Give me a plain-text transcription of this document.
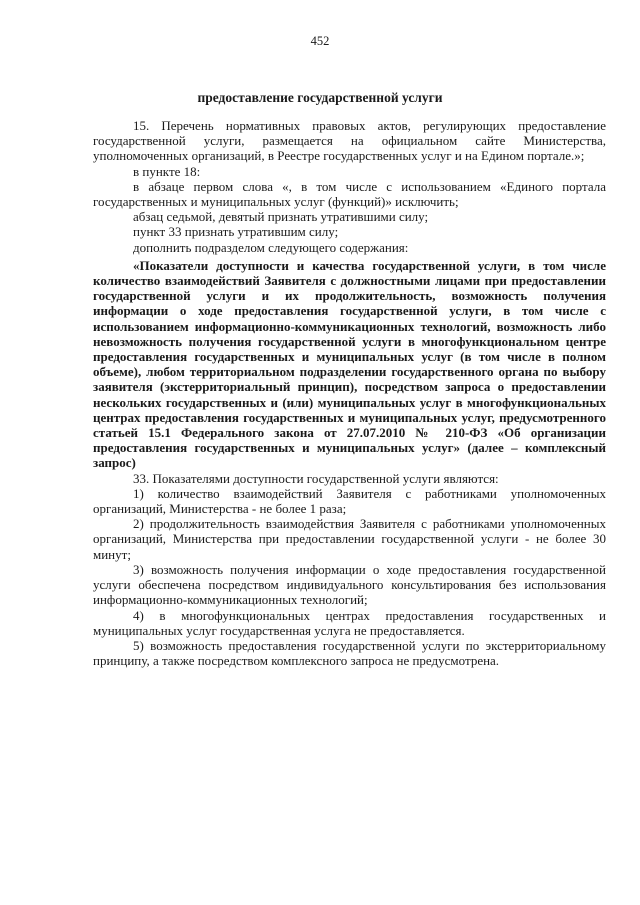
452
предоставление государственной услуги

15. Перечень нормативных правовых актов, регулирующих предоставление государственной услуги, размещается на официальном сайте Министерства, уполномоченных организаций, в Реестре государственных услуг и на Едином портале.»;

в пункте 18:

в абзаце первом слова «, в том числе с использованием «Единого портала государственных и муниципальных услуг (функций)» исключить;

абзац седьмой, девятый признать утратившими силу;

пункт 33 признать утратившим силу;

дополнить подразделом следующего содержания:

«Показатели доступности и качества государственной услуги, в том числе количество взаимодействий Заявителя с должностными лицами при предоставлении государственной услуги и их продолжительность, возможность получения информации о ходе предоставления государственной услуги, в том числе с использованием информационно-коммуникационных технологий, возможность либо невозможность получения государственной услуги в многофункциональном центре предоставления государственных и муниципальных услуг (в том числе в полном объеме), любом территориальном подразделении государственного органа по выбору заявителя (экстерриториальный принцип), посредством запроса о предоставлении нескольких государственных и (или) муниципальных услуг в многофункциональных центрах предоставления государственных и муниципальных услуг, предусмотренного статьей 15.1 Федерального закона от 27.07.2010 № 210-ФЗ «Об организации предоставления государственных и муниципальных услуг» (далее – комплексный запрос)

33. Показателями доступности государственной услуги являются:

1) количество взаимодействий Заявителя с работниками уполномоченных организаций, Министерства - не более 1 раза;

2) продолжительность взаимодействия Заявителя с работниками уполномоченных организаций, Министерства при предоставлении государственной услуги - не более 30 минут;

3) возможность получения информации о ходе предоставления государственной услуги обеспечена посредством индивидуального консультирования без использования информационно-коммуникационных технологий;

4) в многофункциональных центрах предоставления государственных и муниципальных услуг государственная услуга не предоставляется.

5) возможность предоставления государственной услуги по экстерриториальному принципу, а также посредством комплексного запроса не предусмотрена.
